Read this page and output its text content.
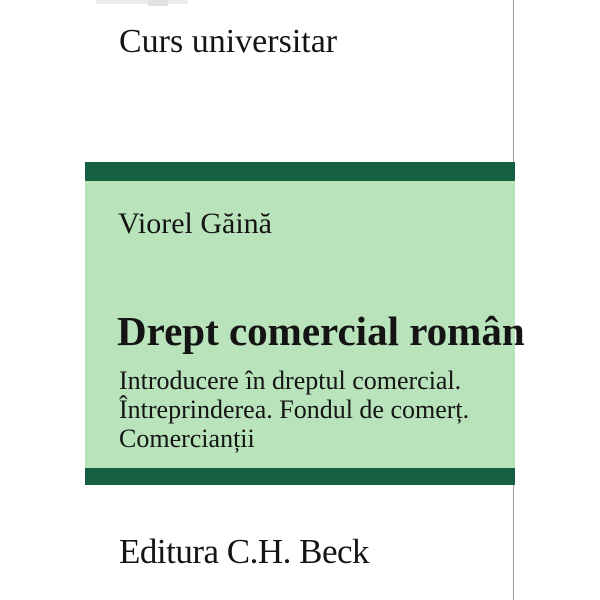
Curs universitar
Viorel Găină
Drept comercial român
Introducere în dreptul comercial.
Întreprinderea. Fondul de comerț.
Comercianții
Editura C.H. Beck
